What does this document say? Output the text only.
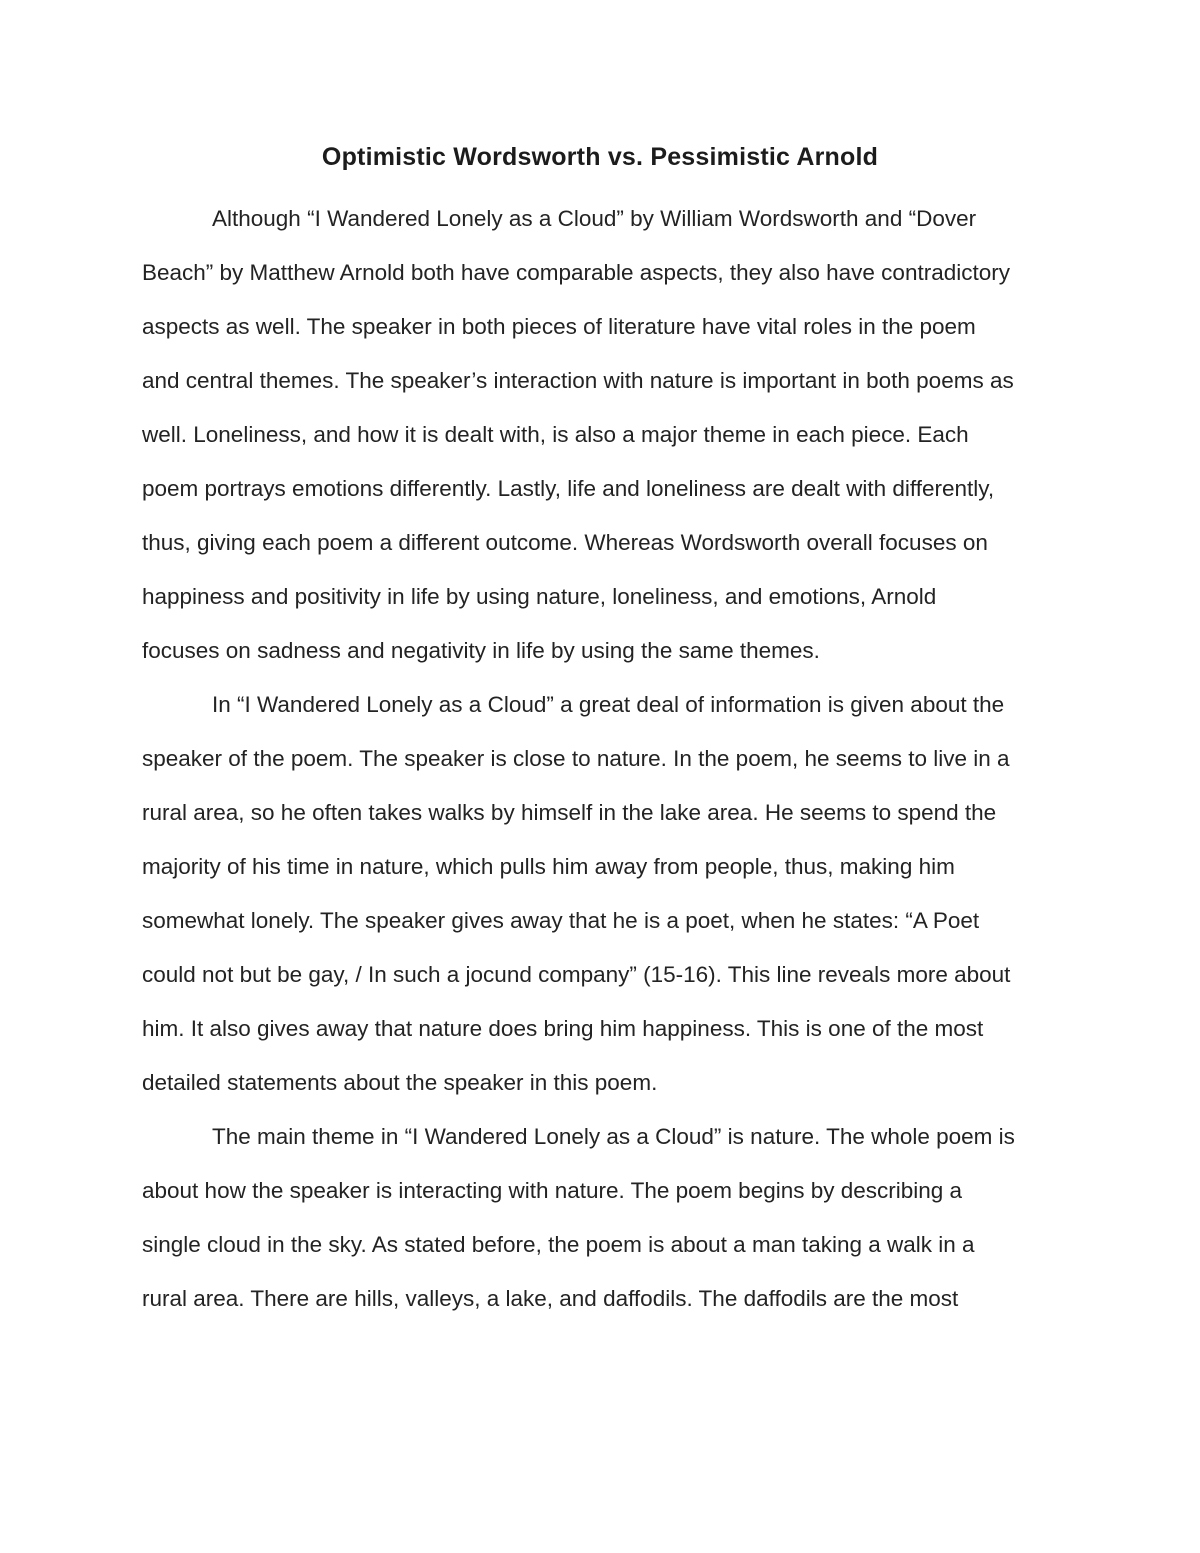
Optimistic Wordsworth vs. Pessimistic Arnold

Although “I Wandered Lonely as a Cloud” by William Wordsworth and “Dover

Beach” by Matthew Arnold both have comparable aspects, they also have contradictory

aspects as well. The speaker in both pieces of literature have vital roles in the poem

and central themes. The speaker’s interaction with nature is important in both poems as

well. Loneliness, and how it is dealt with, is also a major theme in each piece. Each

poem portrays emotions differently. Lastly, life and loneliness are dealt with differently,

thus, giving each poem a different outcome. Whereas Wordsworth overall focuses on

happiness and positivity in life by using nature, loneliness, and emotions, Arnold

focuses on sadness and negativity in life by using the same themes.

In “I Wandered Lonely as a Cloud” a great deal of information is given about the

speaker of the poem. The speaker is close to nature. In the poem, he seems to live in a

rural area, so he often takes walks by himself in the lake area. He seems to spend the

majority of his time in nature, which pulls him away from people, thus, making him

somewhat lonely. The speaker gives away that he is a poet, when he states: “A Poet

could not but be gay, / In such a jocund company” (15-16). This line reveals more about

him. It also gives away that nature does bring him happiness. This is one of the most

detailed statements about the speaker in this poem.

The main theme in “I Wandered Lonely as a Cloud” is nature. The whole poem is

about how the speaker is interacting with nature. The poem begins by describing a

single cloud in the sky. As stated before, the poem is about a man taking a walk in a

rural area. There are hills, valleys, a lake, and daffodils. The daffodils are the most
